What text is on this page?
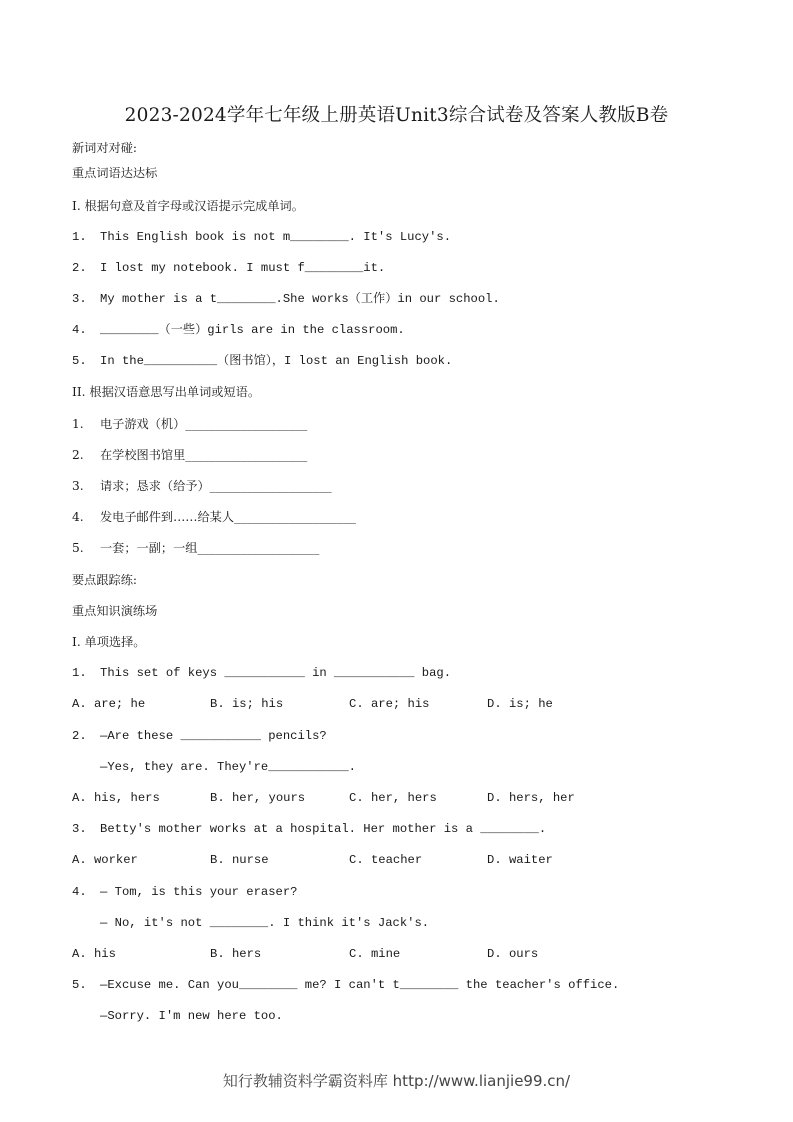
2023-2024学年七年级上册英语Unit3综合试卷及答案人教版B卷
新词对对碰:
重点词语达达标
I. 根据句意及首字母或汉语提示完成单词。
1. This English book is not m________. It's Lucy's.
2. I lost my notebook. I must f________it.
3. My mother is a t________.She works（工作）in our school.
4. ________（一些）girls are in the classroom.
5. In the__________（图书馆），I lost an English book.
II. 根据汉语意思写出单词或短语。
1. 电子游戏（机）____________________
2. 在学校图书馆里____________________
3. 请求；恳求（给予）____________________
4. 发电子邮件到……给某人____________________
5. 一套；一副；一组____________________
要点跟踪练:
重点知识演练场
I. 单项选择。
1. This set of keys ___________ in ___________ bag.
A. are; he	B. is; his	C. are; his	D. is; he
2. —Are these ___________ pencils?
—Yes, they are. They're___________.
A. his, hers	B. her, yours	C. her, hers	D. hers, her
3. Betty's mother works at a hospital. Her mother is a ________.
A. worker	B. nurse	C. teacher	D. waiter
4. — Tom, is this your eraser?
— No, it's not ________. I think it's Jack's.
A. his	B. hers	C. mine	D. ours
5. —Excuse me. Can you________ me? I can't t________ the teacher's office.
—Sorry. I'm new here too.
知行教辅资料学霸资料库 http://www.lianjie99.cn/
